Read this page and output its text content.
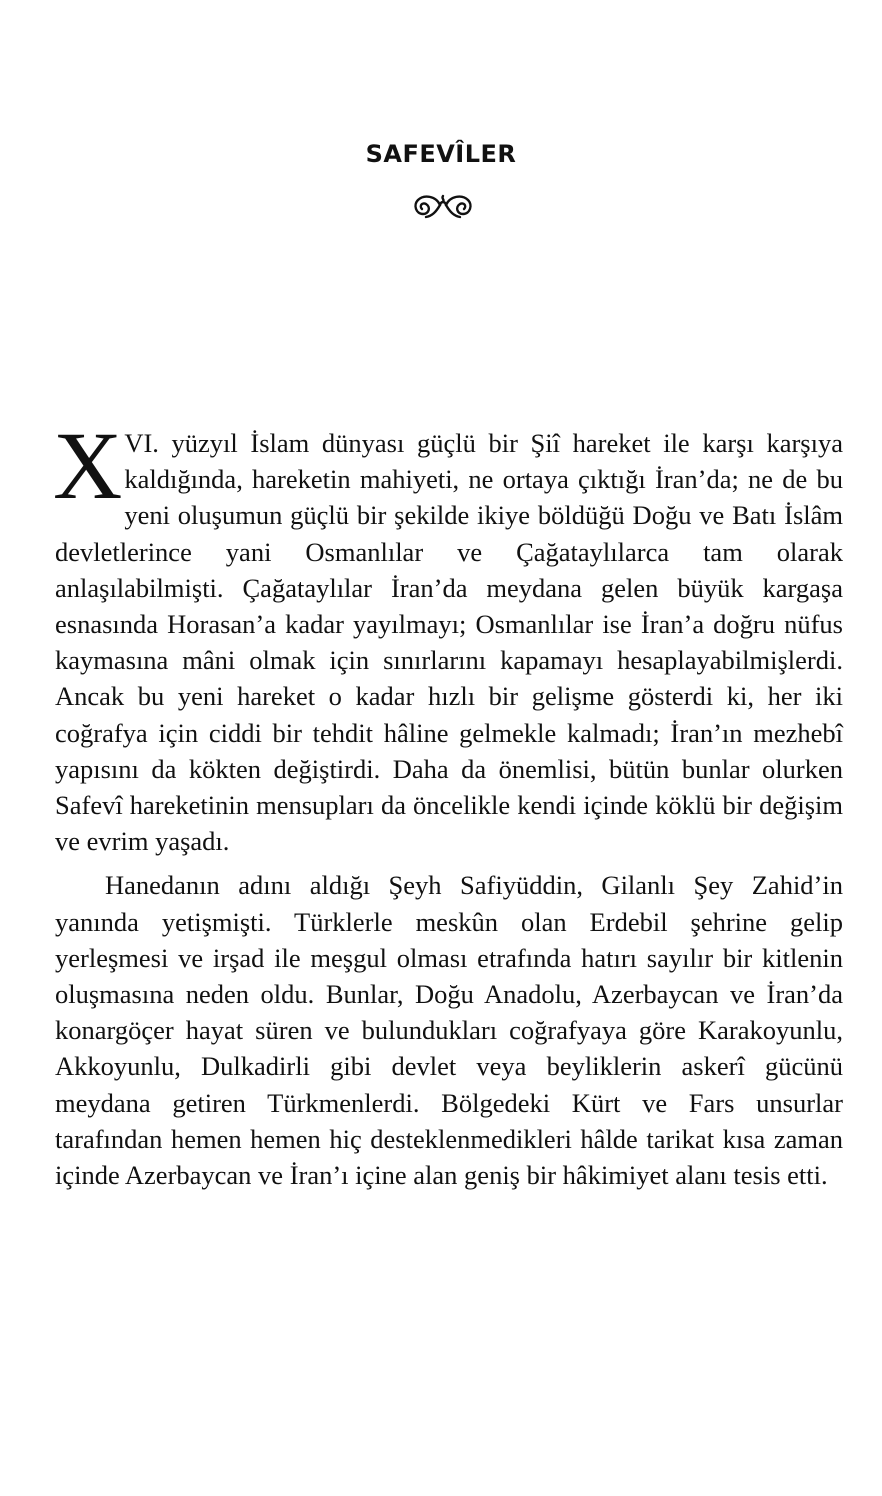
SAFEVÎLER

XVI. yüzyıl İslam dünyası güçlü bir Şiî hareket ile karşı karşıya kaldığında, hareketin mahiyeti, ne ortaya çıktığı İran’da; ne de bu yeni oluşumun güçlü bir şekilde ikiye böldüğü Doğu ve Batı İslâm devletlerince yani Osmanlılar ve Çağataylılarca tam olarak anlaşılabilmişti. Çağataylılar İran’da meydana gelen büyük kargaşa esnasında Horasan’a kadar yayılmayı; Osmanlılar ise İran’a doğru nüfus kaymasına mâni olmak için sınırlarını kapamayı hesaplayabilmişlerdi. Ancak bu yeni hareket o kadar hızlı bir gelişme gösterdi ki, her iki coğrafya için ciddi bir tehdit hâline gelmekle kalmadı; İran’ın mezhebî yapısını da kökten değiştirdi. Daha da önemlisi, bütün bunlar olurken Safevî hareketinin mensupları da öncelikle kendi içinde köklü bir değişim ve evrim yaşadı.

Hanedanın adını aldığı Şeyh Safiyüddin, Gilanlı Şey Zahid’in yanında yetişmişti. Türklerle meskûn olan Erdebil şehrine gelip yerleşmesi ve irşad ile meşgul olması etrafında hatırı sayılır bir kitlenin oluşmasına neden oldu. Bunlar, Doğu Anadolu, Azerbaycan ve İran’da konargöçer hayat süren ve bulundukları coğrafyaya göre Karakoyunlu, Akkoyunlu, Dulkadirli gibi devlet veya beyliklerin askerî gücünü meydana getiren Türkmenlerdi. Bölgedeki Kürt ve Fars unsurlar tarafından hemen hemen hiç desteklenmedikleri hâlde tarikat kısa zaman içinde Azerbaycan ve İran’ı içine alan geniş bir hâkimiyet alanı tesis etti.
